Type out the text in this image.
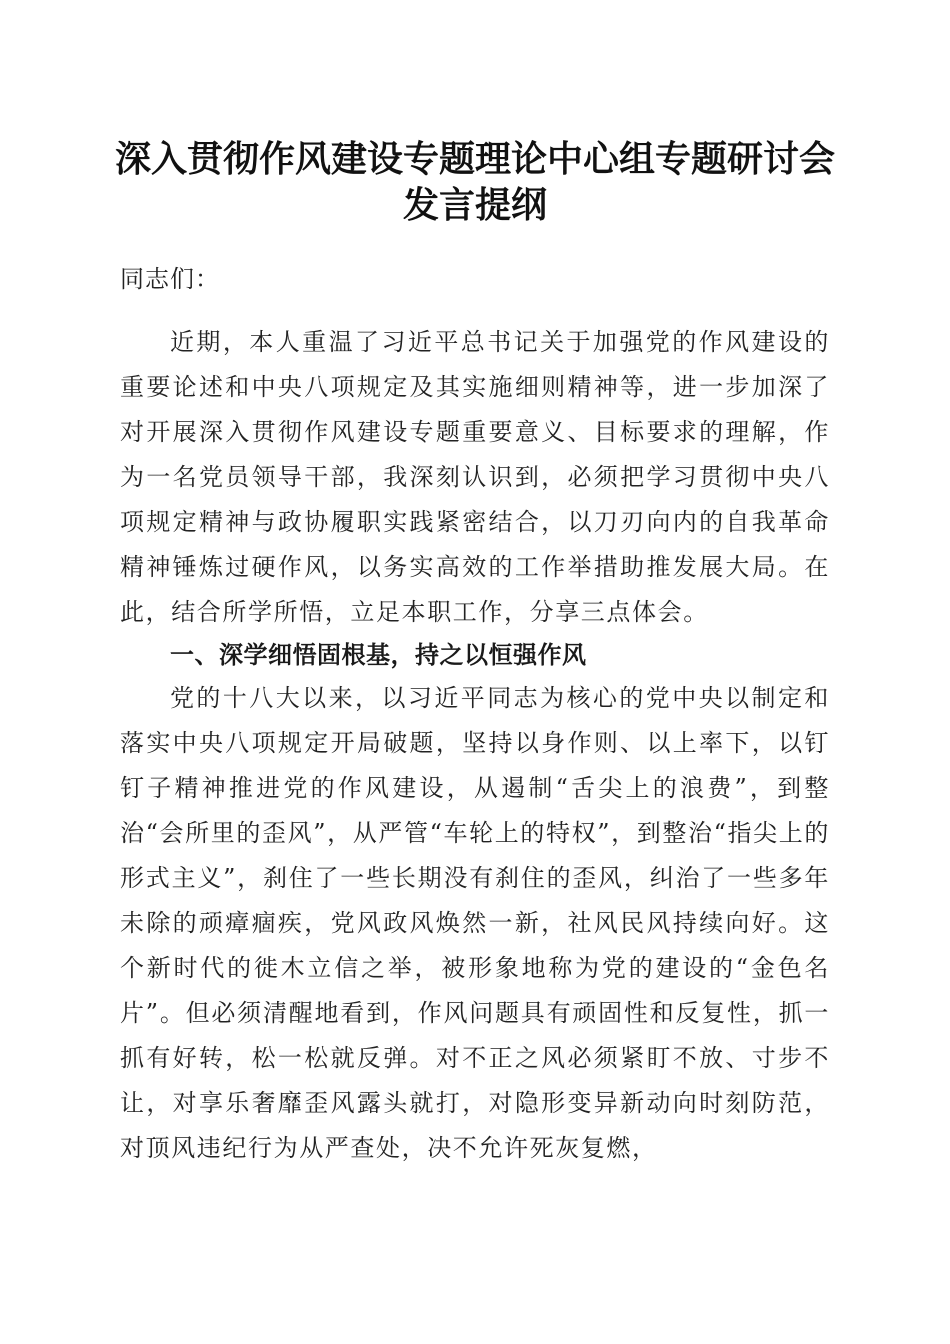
深入贯彻作风建设专题理论中心组专题研讨会
发言提纲
同志们：

近期，本人重温了习近平总书记关于加强党的作风建设的重要论述和中央八项规定及其实施细则精神等，进一步加深了对开展深入贯彻作风建设专题重要意义、目标要求的理解，作为一名党员领导干部，我深刻认识到，必须把学习贯彻中央八项规定精神与政协履职实践紧密结合，以刀刃向内的自我革命精神锤炼过硬作风，以务实高效的工作举措助推发展大局。在此，结合所学所悟，立足本职工作，分享三点体会。

一、深学细悟固根基，持之以恒强作风

党的十八大以来，以习近平同志为核心的党中央以制定和落实中央八项规定开局破题，坚持以身作则、以上率下，以钉钉子精神推进党的作风建设，从遏制“舌尖上的浪费”，到整治“会所里的歪风”，从严管“车轮上的特权”，到整治“指尖上的形式主义”，刹住了一些长期没有刹住的歪风，纠治了一些多年未除的顽瘴痼疾，党风政风焕然一新，社风民风持续向好。这个新时代的徙木立信之举，被形象地称为党的建设的“金色名片”。但必须清醒地看到，作风问题具有顽固性和反复性，抓一抓有好转，松一松就反弹。对不正之风必须紧盯不放、寸步不让，对享乐奢靡歪风露头就打，对隐形变异新动向时刻防范，对顶风违纪行为从严查处，决不允许死灰复燃，
